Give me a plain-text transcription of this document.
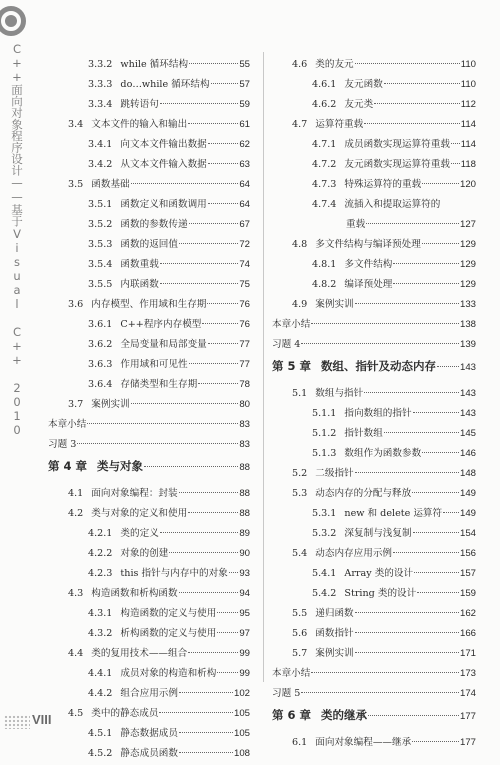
C++面向对象程序设计——基于Visual C++ 2010	3.3.2 while 循环结构	55
3.3.3 do…while 循环结构	57
3.3.4 跳转语句	59
3.4 文本文件的输入和输出	61
3.4.1 向文本文件输出数据	62
3.4.2 从文本文件输入数据	63
3.5 函数基础	64
3.5.1 函数定义和函数调用	64
3.5.2 函数的参数传递	67
3.5.3 函数的返回值	72
3.5.4 函数重载	74
3.5.5 内联函数	75
3.6 内存模型、作用域和生存期	76
3.6.1 C++程序内存模型	76
3.6.2 全局变量和局部变量	77
3.6.3 作用域和可见性	77
3.6.4 存储类型和生存期	78
3.7 案例实训	80
本章小结	83
习题 3	83
第 4 章 类与对象	88
4.1 面向对象编程：封装	88
4.2 类与对象的定义和使用	88
4.2.1 类的定义	89
4.2.2 对象的创建	90
4.2.3 this 指针与内存中的对象 93
4.3 构造函数和析构函数	94
4.3.1 构造函数的定义与使用 95
4.3.2 析构函数的定义与使用 97
4.4 类的复用技术——组合	99
4.4.1 成员对象的构造和析构 99
4.4.2 组合应用示例	102
4.5 类中的静态成员	105
4.5.1 静态数据成员	105
4.5.2 静态成员函数	108
4.6 类的友元	110
4.6.1 友元函数	110
4.6.2 友元类	112
4.7 运算符重载	114
4.7.1 成员函数实现运算符重载 114
4.7.2 友元函数实现运算符重载 118
4.7.3 特殊运算符的重载	120
4.7.4 流插入和提取运算符的
重载	127
4.8 多文件结构与编译预处理	129
4.8.1 多文件结构	129
4.8.2 编译预处理	129
4.9 案例实训	133
本章小结	138
习题 4	139
第 5 章 数组、指针及动态内存 143
5.1 数组与指针	143
5.1.1 指向数组的指针	143
5.1.2 指针数组	145
5.1.3 数组作为函数参数	146
5.2 二级指针	148
5.3 动态内存的分配与释放	149
5.3.1 new 和 delete 运算符 149
5.3.2 深复制与浅复制	154
5.4 动态内存应用示例	156
5.4.1 Array 类的设计	157
5.4.2 String 类的设计	159
5.5 递归函数	162
5.6 函数指针	166
5.7 案例实训	171
本章小结	173
习题 5	174
第 6 章 类的继承	177
6.1 面向对象编程——继承	177
VIII
